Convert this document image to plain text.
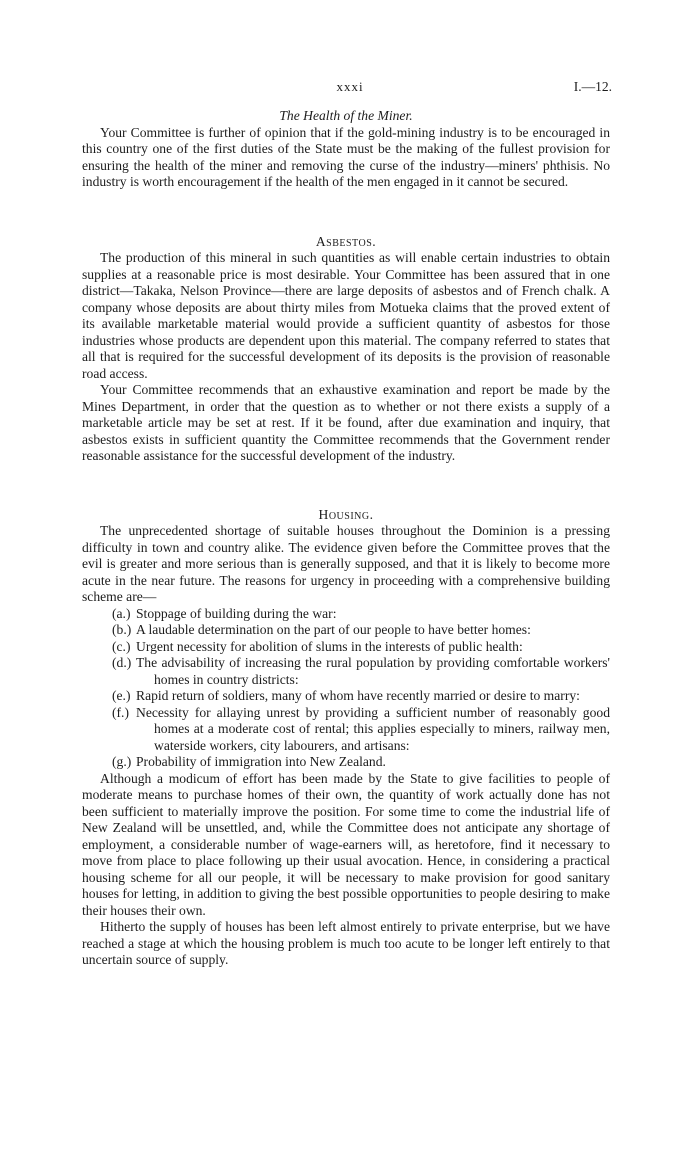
xxxi	I.—12.
The Health of the Miner.

Your Committee is further of opinion that if the gold-mining industry is to be encouraged in this country one of the first duties of the State must be the making of the fullest provision for ensuring the health of the miner and removing the curse of the industry—miners' phthisis. No industry is worth encouragement if the health of the men engaged in it cannot be secured.

Asbestos.

The production of this mineral in such quantities as will enable certain industries to obtain supplies at a reasonable price is most desirable. Your Committee has been assured that in one district—Takaka, Nelson Province—there are large deposits of asbestos and of French chalk. A company whose deposits are about thirty miles from Motueka claims that the proved extent of its available marketable material would provide a sufficient quantity of asbestos for those industries whose products are dependent upon this material. The company referred to states that all that is required for the successful development of its deposits is the provision of reasonable road access.

Your Committee recommends that an exhaustive examination and report be made by the Mines Department, in order that the question as to whether or not there exists a supply of a marketable article may be set at rest. If it be found, after due examination and inquiry, that asbestos exists in sufficient quantity the Committee recommends that the Government render reasonable assistance for the successful development of the industry.

Housing.

The unprecedented shortage of suitable houses throughout the Dominion is a pressing difficulty in town and country alike. The evidence given before the Committee proves that the evil is greater and more serious than is generally supposed, and that it is likely to become more acute in the near future. The reasons for urgency in proceeding with a comprehensive building scheme are—

(a.) Stoppage of building during the war:
(b.) A laudable determination on the part of our people to have better homes:
(c.) Urgent necessity for abolition of slums in the interests of public health:
(d.) The advisability of increasing the rural population by providing comfortable workers' homes in country districts:
(e.) Rapid return of soldiers, many of whom have recently married or desire to marry:
(f.) Necessity for allaying unrest by providing a sufficient number of reasonably good homes at a moderate cost of rental; this applies especially to miners, railway men, waterside workers, city labourers, and artisans:
(g.) Probability of immigration into New Zealand.

Although a modicum of effort has been made by the State to give facilities to people of moderate means to purchase homes of their own, the quantity of work actually done has not been sufficient to materially improve the position. For some time to come the industrial life of New Zealand will be unsettled, and, while the Committee does not anticipate any shortage of employment, a considerable number of wage-earners will, as heretofore, find it necessary to move from place to place following up their usual avocation. Hence, in considering a practical housing scheme for all our people, it will be necessary to make provision for good sanitary houses for letting, in addition to giving the best possible opportunities to people desiring to make their houses their own.

Hitherto the supply of houses has been left almost entirely to private enterprise, but we have reached a stage at which the housing problem is much too acute to be longer left entirely to that uncertain source of supply.
